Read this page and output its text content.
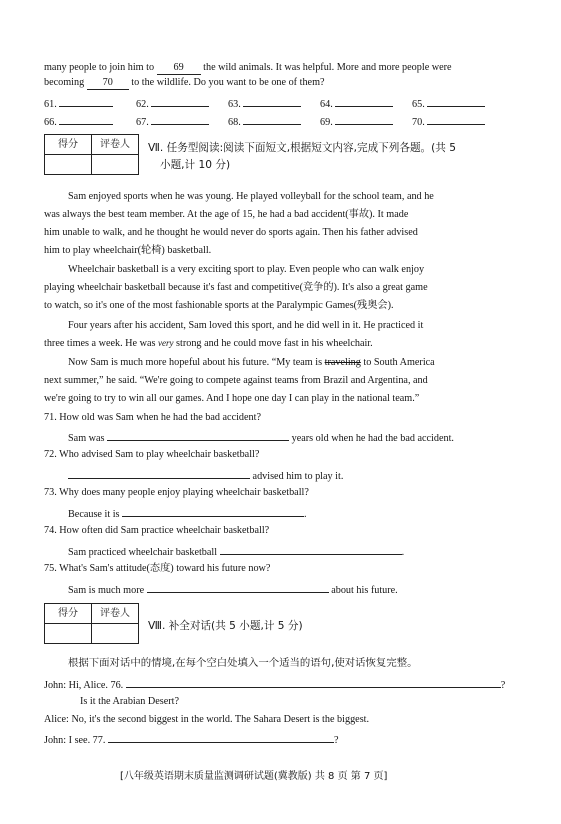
many people to join him to 69 the wild animals. It was helpful. More and more people were
becoming 70 to the wildlife. Do you want to be one of them?
61.	62.	63.	64.	65.
66.	67.	68.	69.	70.
得分	评卷人
	Ⅶ. 任务型阅读:阅读下面短文,根据短文内容,完成下列各题。(共 5
小题,计 10 分)
Sam enjoyed sports when he was young. He played volleyball for the school team, and he
was always the best team member. At the age of 15, he had a bad accident(事故). It made
him unable to walk, and he thought he would never do sports again. Then his father advised
him to play wheelchair(轮椅) basketball.
Wheelchair basketball is a very exciting sport to play. Even people who can walk enjoy
playing wheelchair basketball because it's fast and competitive(竞争的). It's also a great game
to watch, so it's one of the most fashionable sports at the Paralympic Games(残奥会).
Four years after his accident, Sam loved this sport, and he did well in it. He practiced it
three times a week. He was very strong and he could move fast in his wheelchair.
Now Sam is much more hopeful about his future. “My team is traveling to South America
next summer,” he said. “We're going to compete against teams from Brazil and Argentina, and
we're going to try to win all our games. And I hope one day I can play in the national team.”
71. How old was Sam when he had the bad accident?
Sam was	years old when he had the bad accident.
72. Who advised Sam to play wheelchair basketball?
advised him to play it.
73. Why does many people enjoy playing wheelchair basketball?
Because it is	.
74. How often did Sam practice wheelchair basketball?
Sam practiced wheelchair basketball	.
75. What's Sam's attitude(态度) toward his future now?
Sam is much more	about his future.
得分	评卷人

Ⅷ. 补全对话(共 5 小题,计 5 分)
根据下面对话中的情境,在每个空白处填入一个适当的语句,使对话恢复完整。
John: Hi, Alice. 76.	?
Is it the Arabian Desert?
Alice: No, it's the second biggest in the world. The Sahara Desert is the biggest.
John: I see. 77.	?
[八年级英语期末质量监测调研试题(冀教版) 共 8 页 第 7 页]
